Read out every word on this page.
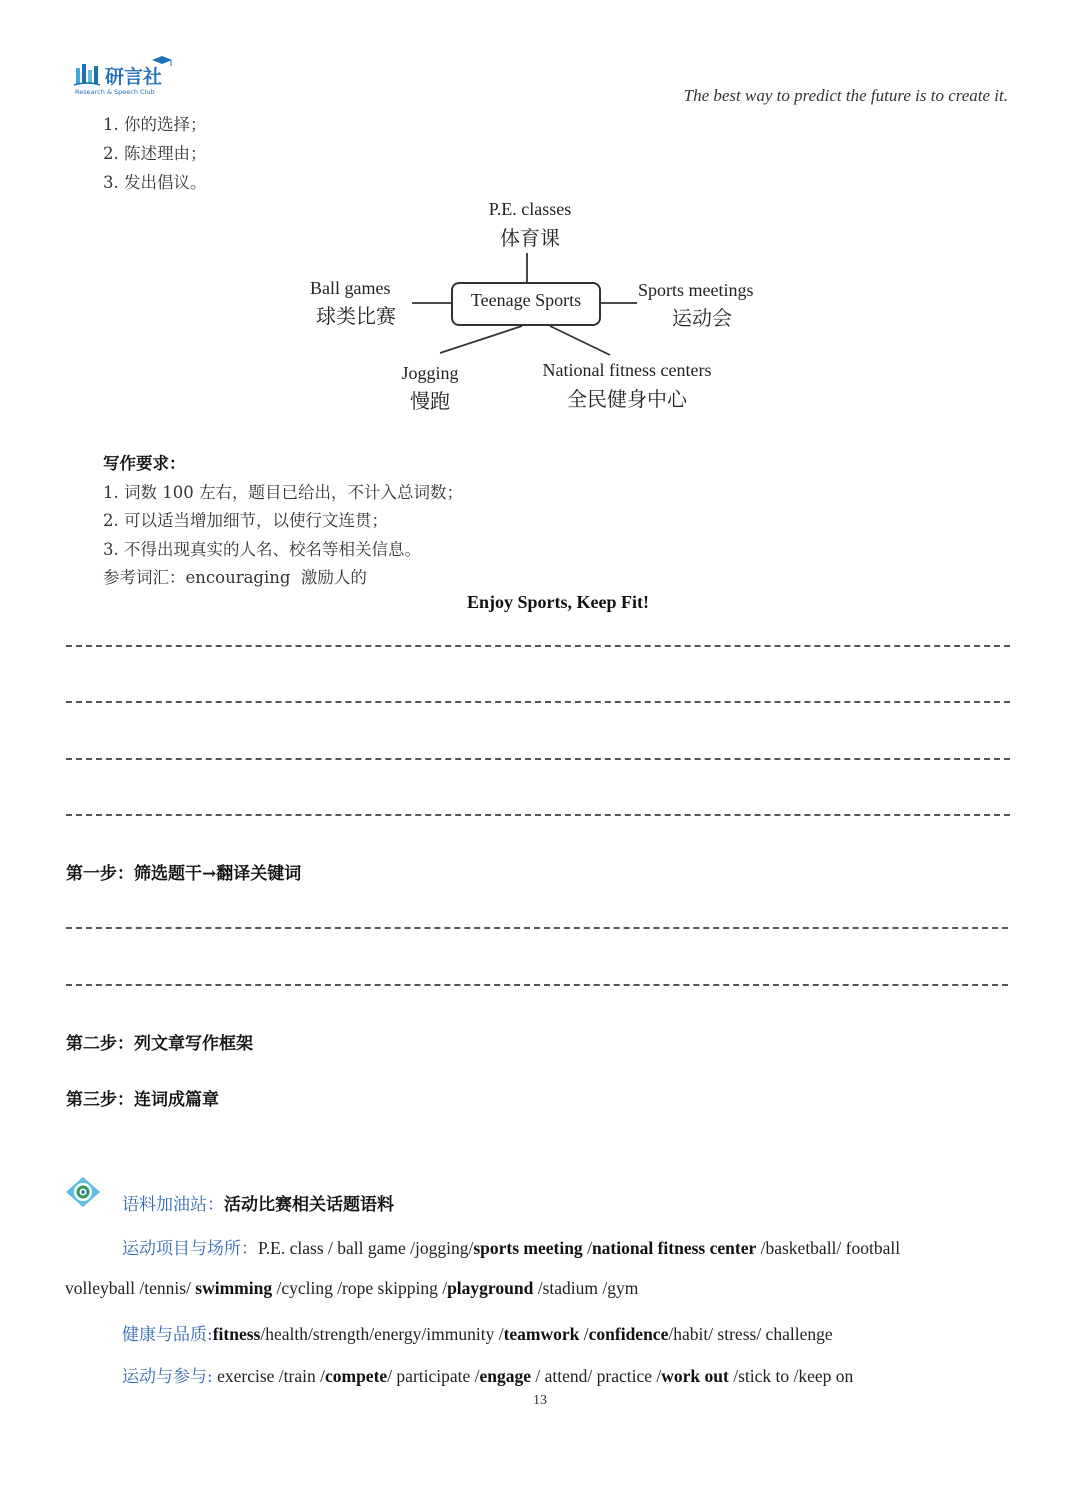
研言社
Research & Speech Club	The best way to predict the future is to create it.
1. 你的选择；
2. 陈述理由；
3. 发出倡议。
Teenage Sports
P.E. classes
体育课
Ball games
球类比赛
Sports meetings
运动会
Jogging
慢跑
National fitness centers
全民健身中心
写作要求：
1. 词数 100 左右，题目已给出，不计入总词数；
2. 可以适当增加细节，以使行文连贯；
3. 不得出现真实的人名、校名等相关信息。
参考词汇：encouraging  激励人的
Enjoy Sports, Keep Fit!
第一步：筛选题干→翻译关键词
第二步：列文章写作框架
第三步：连词成篇章
语料加油站：活动比赛相关话题语料
运动项目与场所：P.E. class / ball game /jogging/sports meeting /national fitness center /basketball/ football
volleyball /tennis/ swimming /cycling /rope skipping /playground /stadium /gym
健康与品质:fitness/health/strength/energy/immunity /teamwork /confidence/habit/ stress/ challenge
运动与参与: exercise /train /compete/ participate /engage / attend/ practice /work out /stick to /keep on
13
